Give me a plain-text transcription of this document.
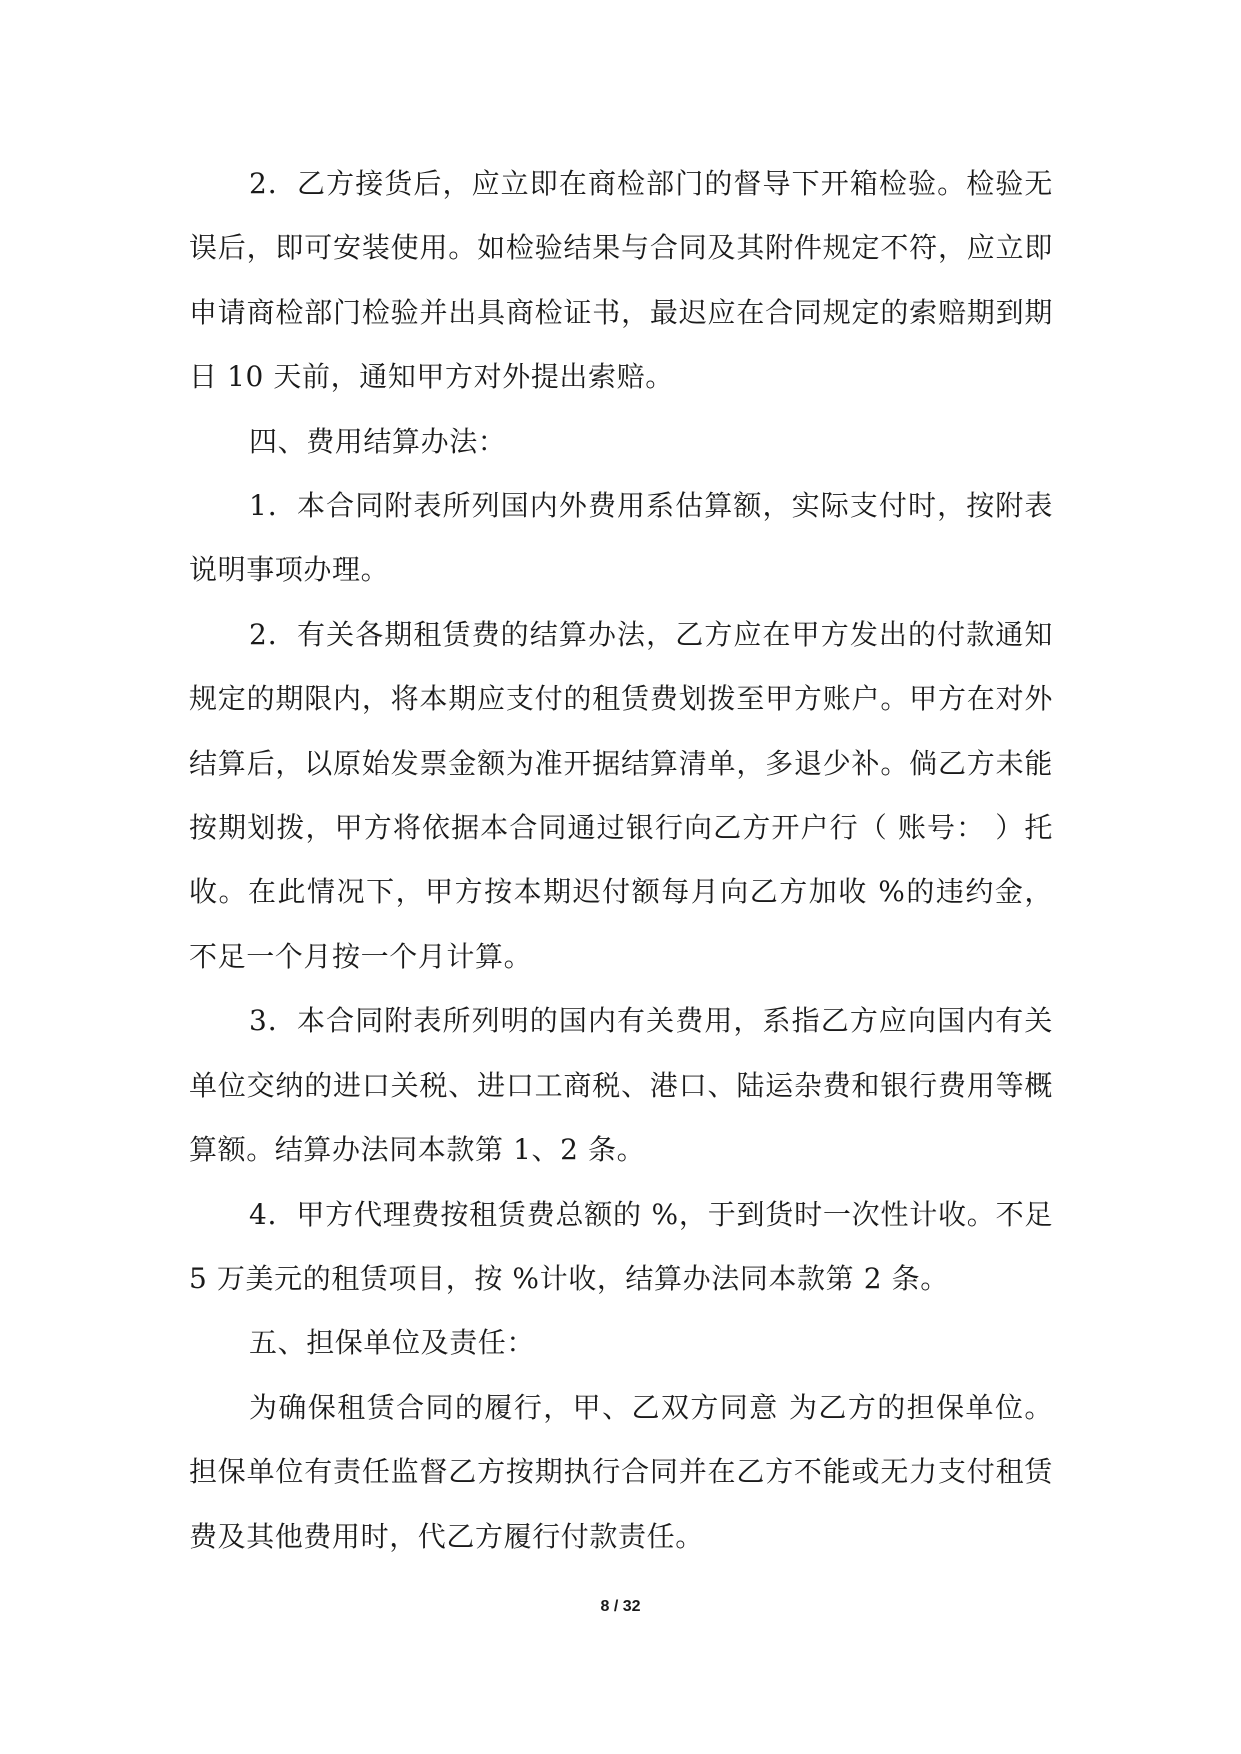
2．乙方接货后，应立即在商检部门的督导下开箱检验。检验无误后，即可安装使用。如检验结果与合同及其附件规定不符，应立即申请商检部门检验并出具商检证书，最迟应在合同规定的索赔期到期日 10 天前，通知甲方对外提出索赔。

四、费用结算办法：

1．本合同附表所列国内外费用系估算额，实际支付时，按附表说明事项办理。

2．有关各期租赁费的结算办法，乙方应在甲方发出的付款通知规定的期限内，将本期应支付的租赁费划拨至甲方账户。甲方在对外结算后，以原始发票金额为准开据结算清单，多退少补。倘乙方未能按期划拨，甲方将依据本合同通过银行向乙方开户行（ 账号： ）托收。在此情况下，甲方按本期迟付额每月向乙方加收 %的违约金，不足一个月按一个月计算。

3．本合同附表所列明的国内有关费用，系指乙方应向国内有关单位交纳的进口关税、进口工商税、港口、陆运杂费和银行费用等概算额。结算办法同本款第 1、2 条。

4．甲方代理费按租赁费总额的 %，于到货时一次性计收。不足 5 万美元的租赁项目，按 %计收，结算办法同本款第 2 条。

五、担保单位及责任：

为确保租赁合同的履行，甲、乙双方同意 为乙方的担保单位。担保单位有责任监督乙方按期执行合同并在乙方不能或无力支付租赁费及其他费用时，代乙方履行付款责任。

8 / 32
